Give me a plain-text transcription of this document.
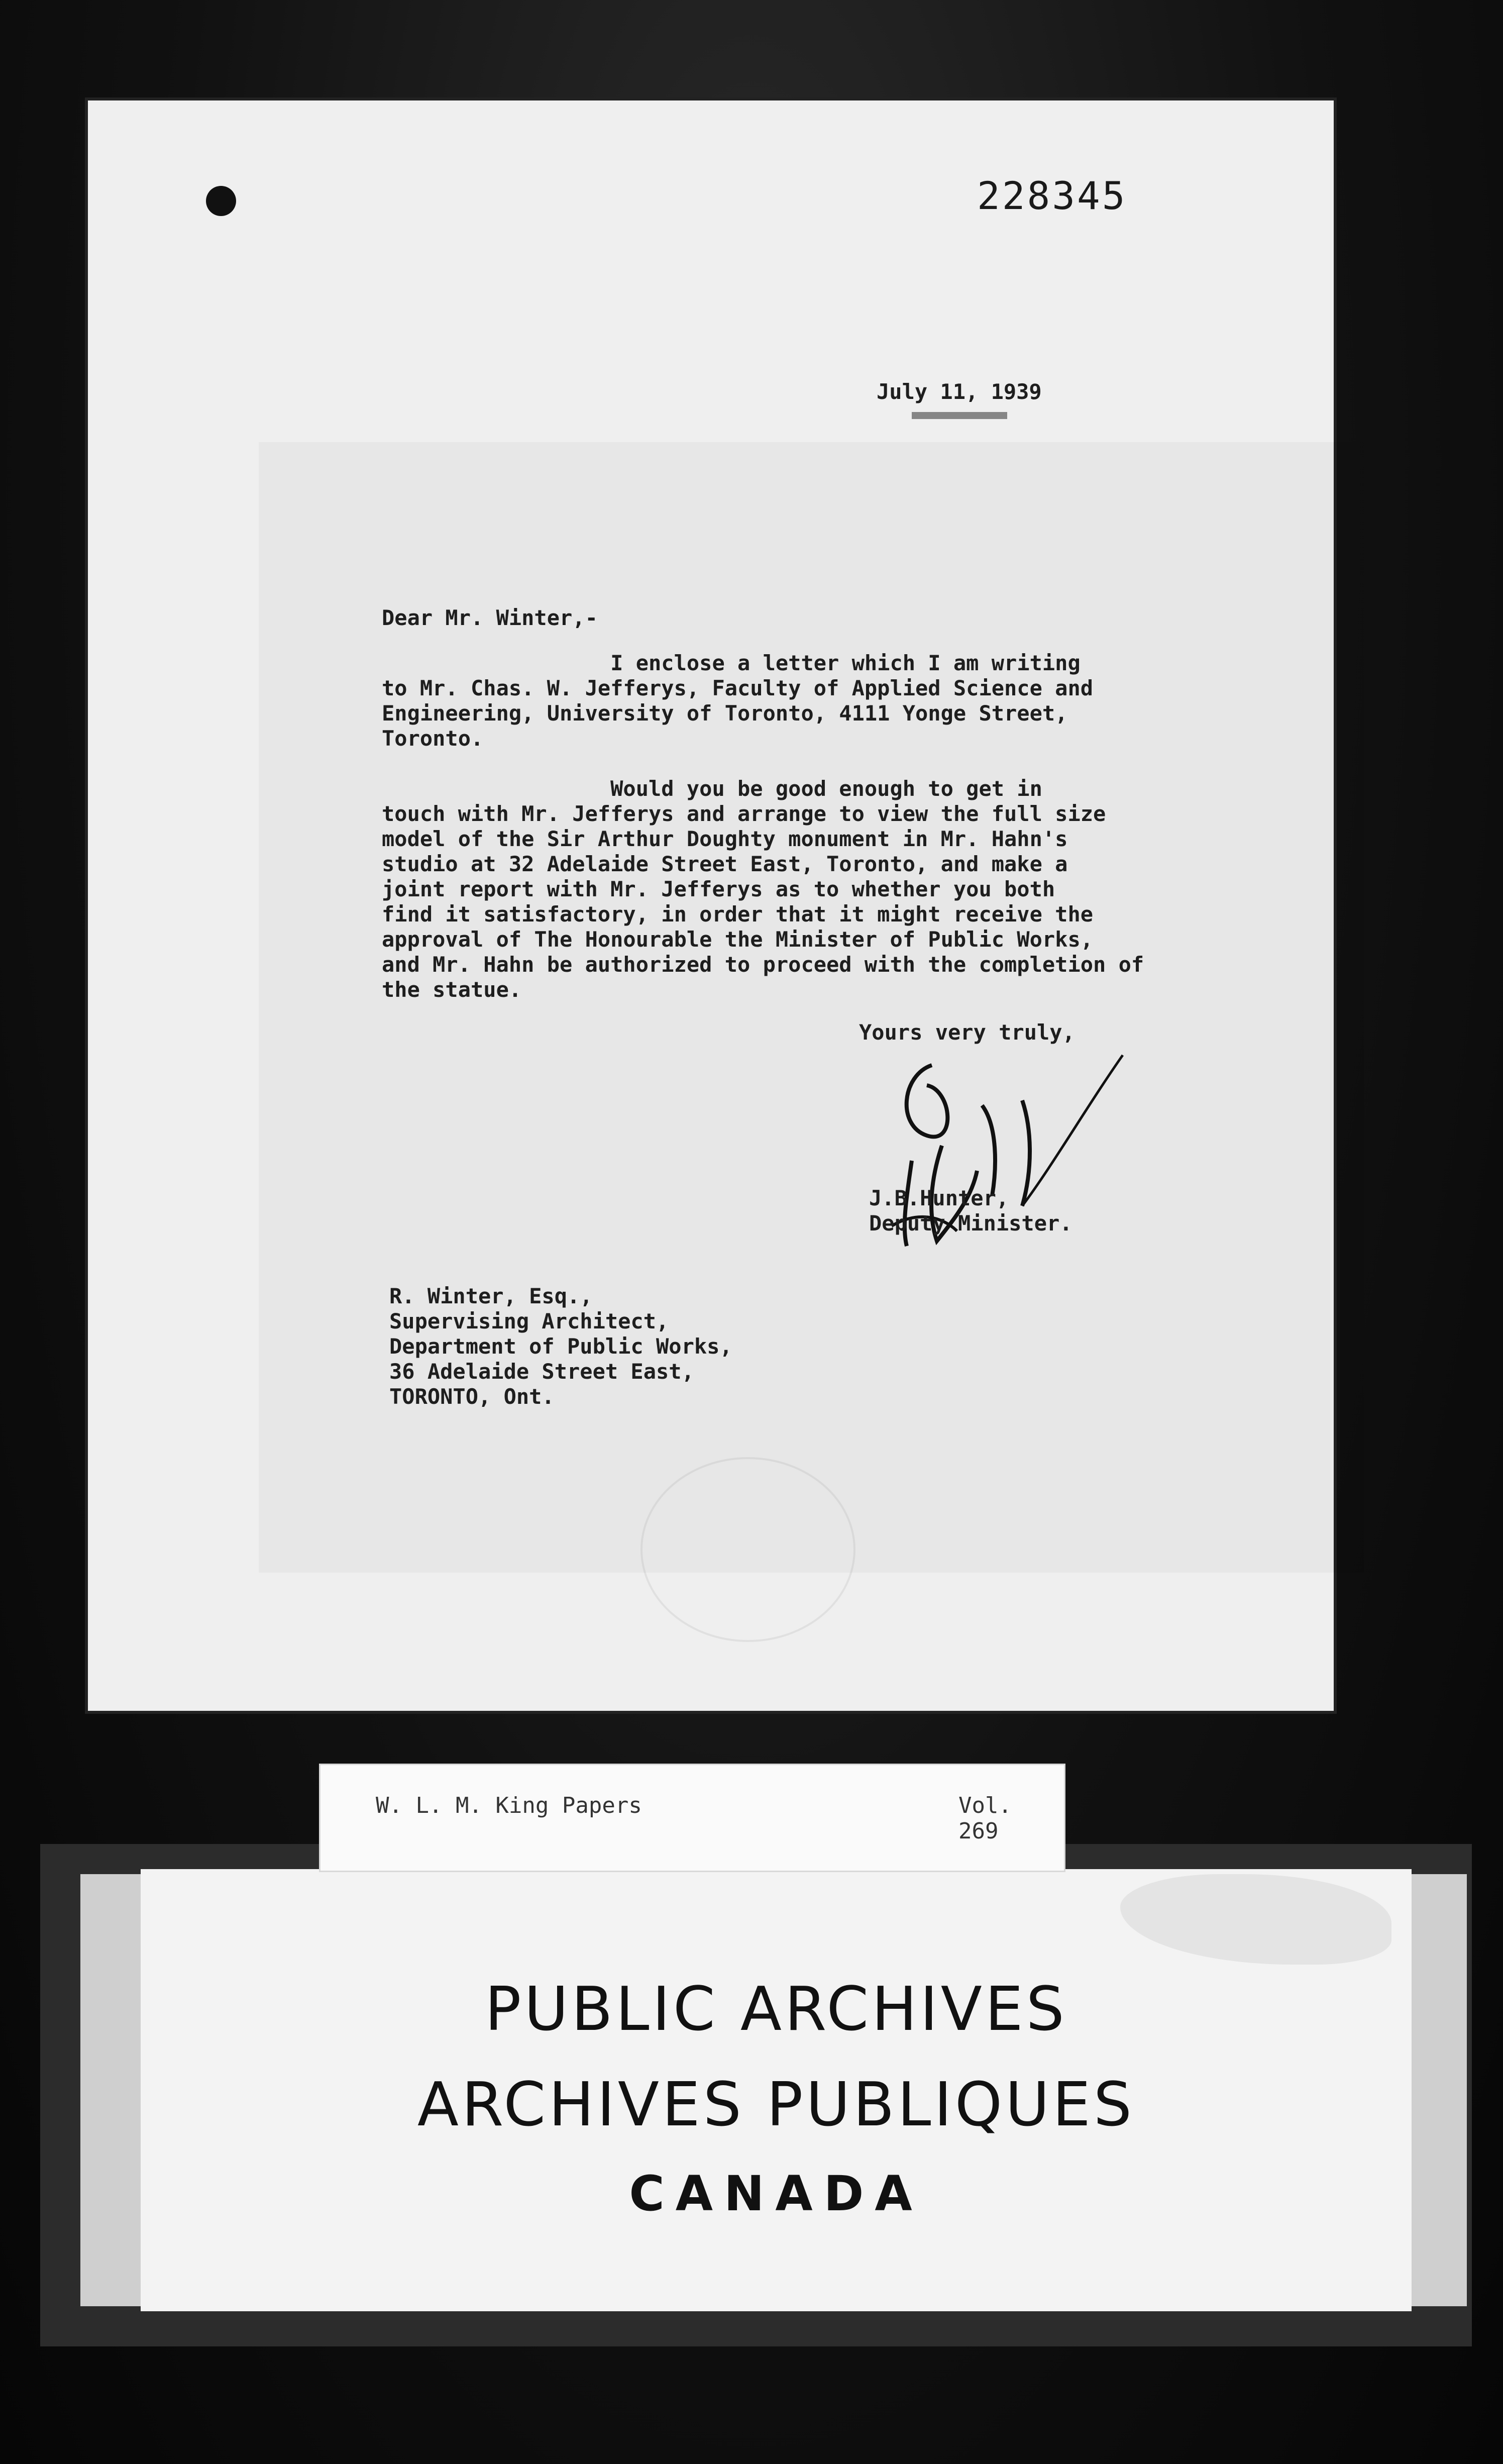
228345
July 11, 1939
Dear Mr. Winter,-
I enclose a letter which I am writing
to Mr. Chas. W. Jefferys, Faculty of Applied Science and
Engineering, University of Toronto, 4111 Yonge Street,
Toronto.
Would you be good enough to get in
touch with Mr. Jefferys and arrange to view the full size
model of the Sir Arthur Doughty monument in Mr. Hahn's
studio at 32 Adelaide Street East, Toronto, and make a
joint report with Mr. Jefferys as to whether you both
find it satisfactory, in order that it might receive the
approval of The Honourable the Minister of Public Works,
and Mr. Hahn be authorized to proceed with the completion of
the statue.
Yours very truly,
J.B.Hunter,
Deputy Minister.
R. Winter, Esq.,
Supervising Architect,
Department of Public Works,
36 Adelaide Street East,
TORONTO, Ont.
PUBLIC ARCHIVES
ARCHIVES PUBLIQUES
CANADA
W. L. M. King Papers	Vol. 269
